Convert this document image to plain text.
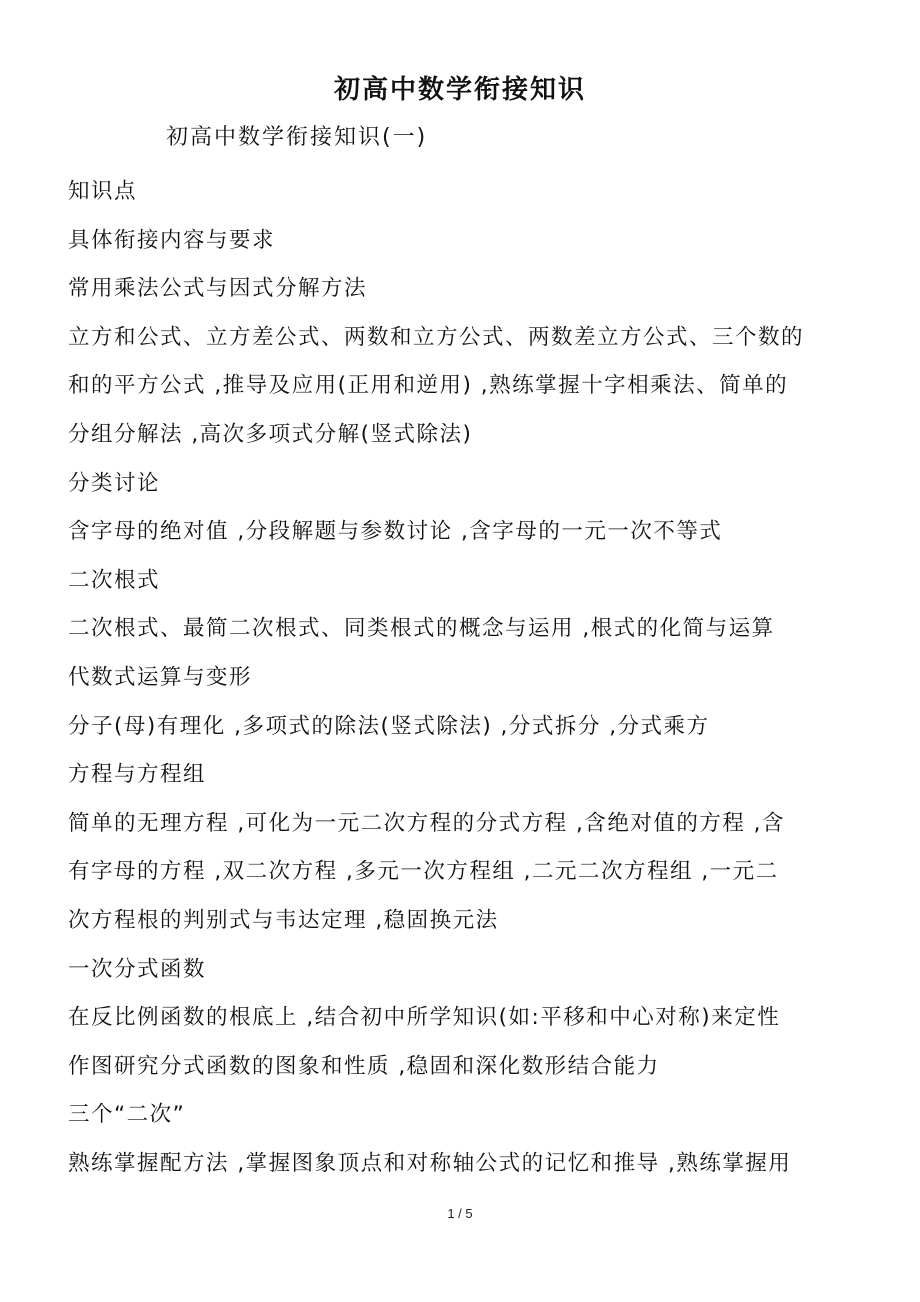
初高中数学衔接知识
初高中数学衔接知识(一)

知识点

具体衔接内容与要求

常用乘法公式与因式分解方法

立方和公式、立方差公式、两数和立方公式、两数差立方公式、三个数的

和的平方公式 ,推导及应用(正用和逆用) ,熟练掌握十字相乘法、简单的

分组分解法 ,高次多项式分解(竖式除法)

分类讨论

含字母的绝对值 ,分段解题与参数讨论 ,含字母的一元一次不等式

二次根式

二次根式、最简二次根式、同类根式的概念与运用 ,根式的化简与运算

代数式运算与变形

分子(母)有理化 ,多项式的除法(竖式除法) ,分式拆分 ,分式乘方

方程与方程组

简单的无理方程 ,可化为一元二次方程的分式方程 ,含绝对值的方程 ,含

有字母的方程 ,双二次方程 ,多元一次方程组 ,二元二次方程组 ,一元二

次方程根的判别式与韦达定理 ,稳固换元法

一次分式函数

在反比例函数的根底上 ,结合初中所学知识(如:平移和中心对称)来定性

作图研究分式函数的图象和性质 ,稳固和深化数形结合能力

三个“二次”

熟练掌握配方法 ,掌握图象顶点和对称轴公式的记忆和推导 ,熟练掌握用

1 / 5
